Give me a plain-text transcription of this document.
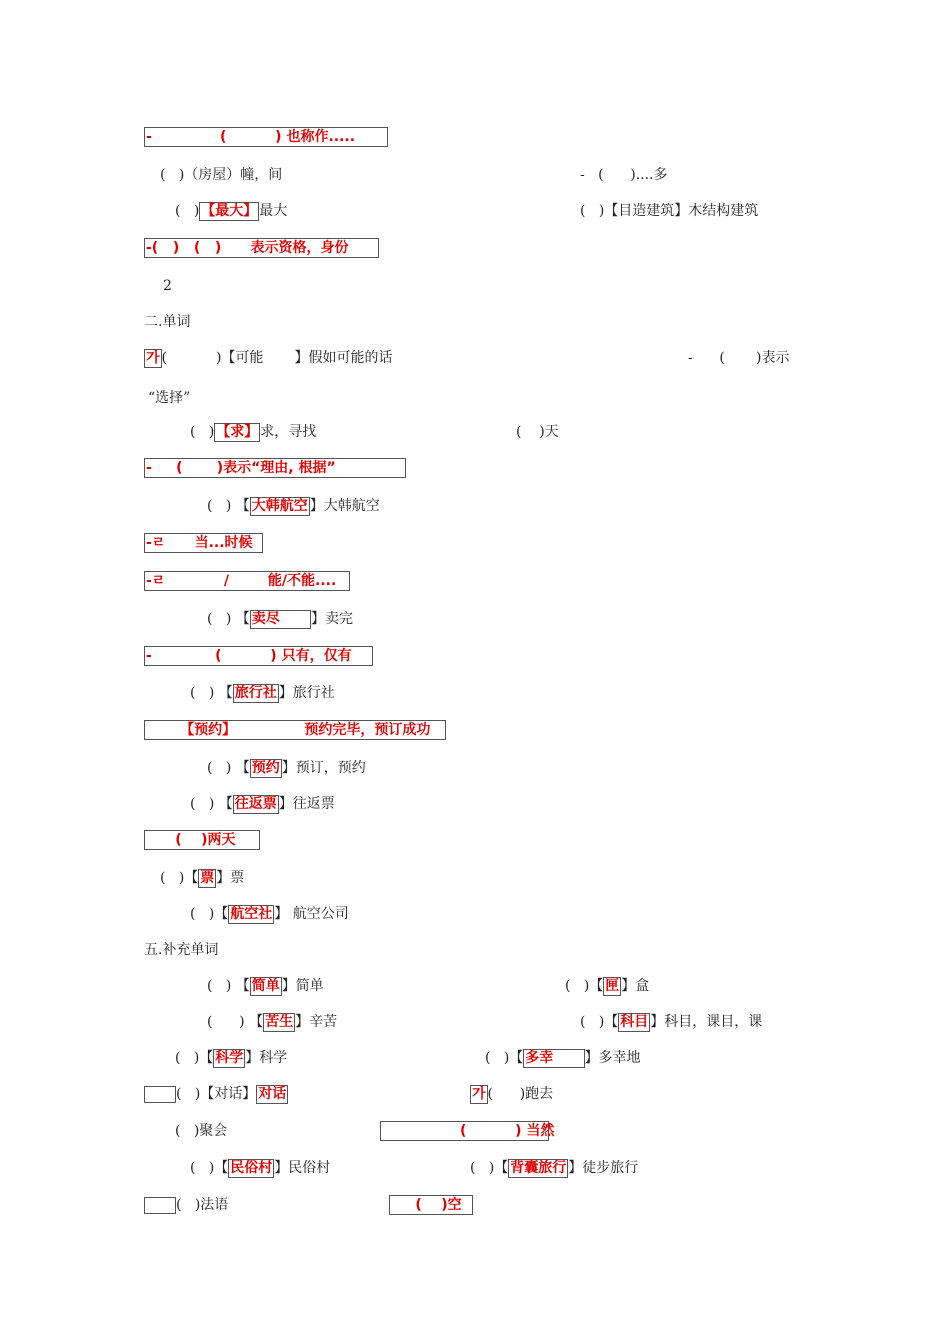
-              (          ) 也称作.....
(   )（房屋）幢，间	-   (      )....多
(   ) 【最大】 最大	(   )【目造建筑】木结构建筑
-(   )   (   )      表示资格，身份
2
二.单词
가 (           )【可能       】假如可能的话	-      (       )表示
“选择”
(   ) 【求】 求，寻找	(    )天
-     (       )表示“理由, 根据”
(   ) 【 大韩航空 】大韩航空
-ㄹ      当...时候
-ㄹ            /        能/不能....
(   ) 【 卖尽      】卖完
-             (          ) 只有，仅有
(   ) 【 旅行社 】旅行社
【预约】              预约完毕，预订成功
(   ) 【 预约 】预订，预约
(   ) 【 往返票 】往返票
(    )两天
(   )【 票 】票
(   )【 航空社 】 航空公司
五.补充单词
(   ) 【 简单 】简单	(   )【 匣 】盒
(      ) 【 苦生 】辛苦	(   )【 科目 】科目，课目，课
(   )【 科学 】科学	(   )【 多幸      】多幸地
(   )【对话】 对话	가 (      )跑去
(   )聚会	(          ) 当然
(   )【 民俗村 】民俗村	(   )【 背囊旅行 】徒步旅行
(   )法语	(    )空
